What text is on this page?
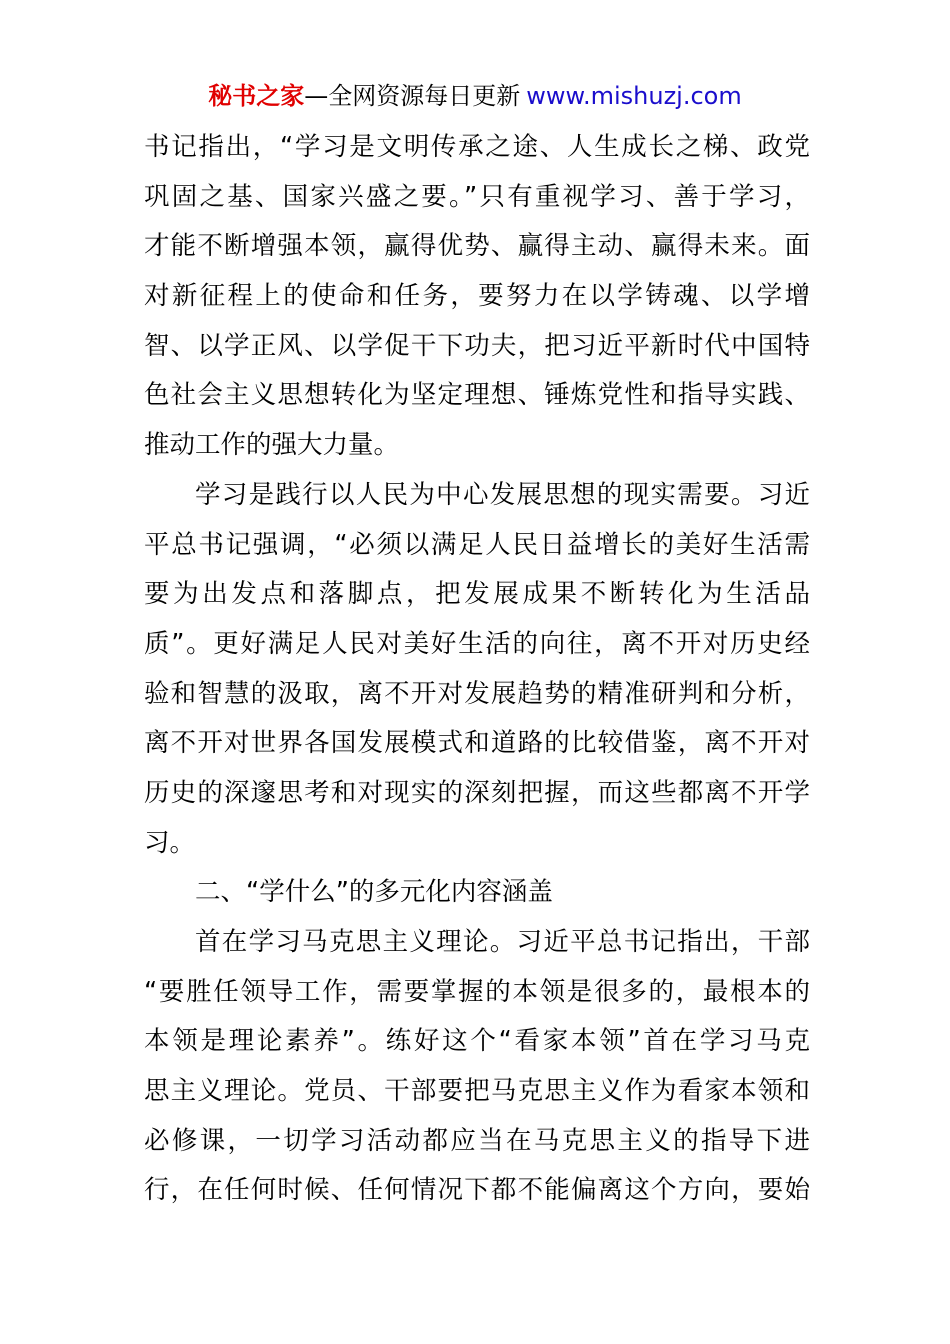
秘书之家—全网资源每日更新 www.mishuzj.com
书记指出，“学习是文明传承之途、人生成长之梯、政党
巩固之基、国家兴盛之要。”只有重视学习、善于学习，
才能不断增强本领，赢得优势、赢得主动、赢得未来。面
对新征程上的使命和任务，要努力在以学铸魂、以学增
智、以学正风、以学促干下功夫，把习近平新时代中国特
色社会主义思想转化为坚定理想、锤炼党性和指导实践、
推动工作的强大力量。
学习是践行以人民为中心发展思想的现实需要。习近
平总书记强调，“必须以满足人民日益增长的美好生活需
要为出发点和落脚点，把发展成果不断转化为生活品
质”。更好满足人民对美好生活的向往，离不开对历史经
验和智慧的汲取，离不开对发展趋势的精准研判和分析，
离不开对世界各国发展模式和道路的比较借鉴，离不开对
历史的深邃思考和对现实的深刻把握，而这些都离不开学
习。
二、“学什么”的多元化内容涵盖
首在学习马克思主义理论。习近平总书记指出，干部
“要胜任领导工作，需要掌握的本领是很多的，最根本的
本领是理论素养”。练好这个“看家本领”首在学习马克
思主义理论。党员、干部要把马克思主义作为看家本领和
必修课，一切学习活动都应当在马克思主义的指导下进
行，在任何时候、任何情况下都不能偏离这个方向，要始
